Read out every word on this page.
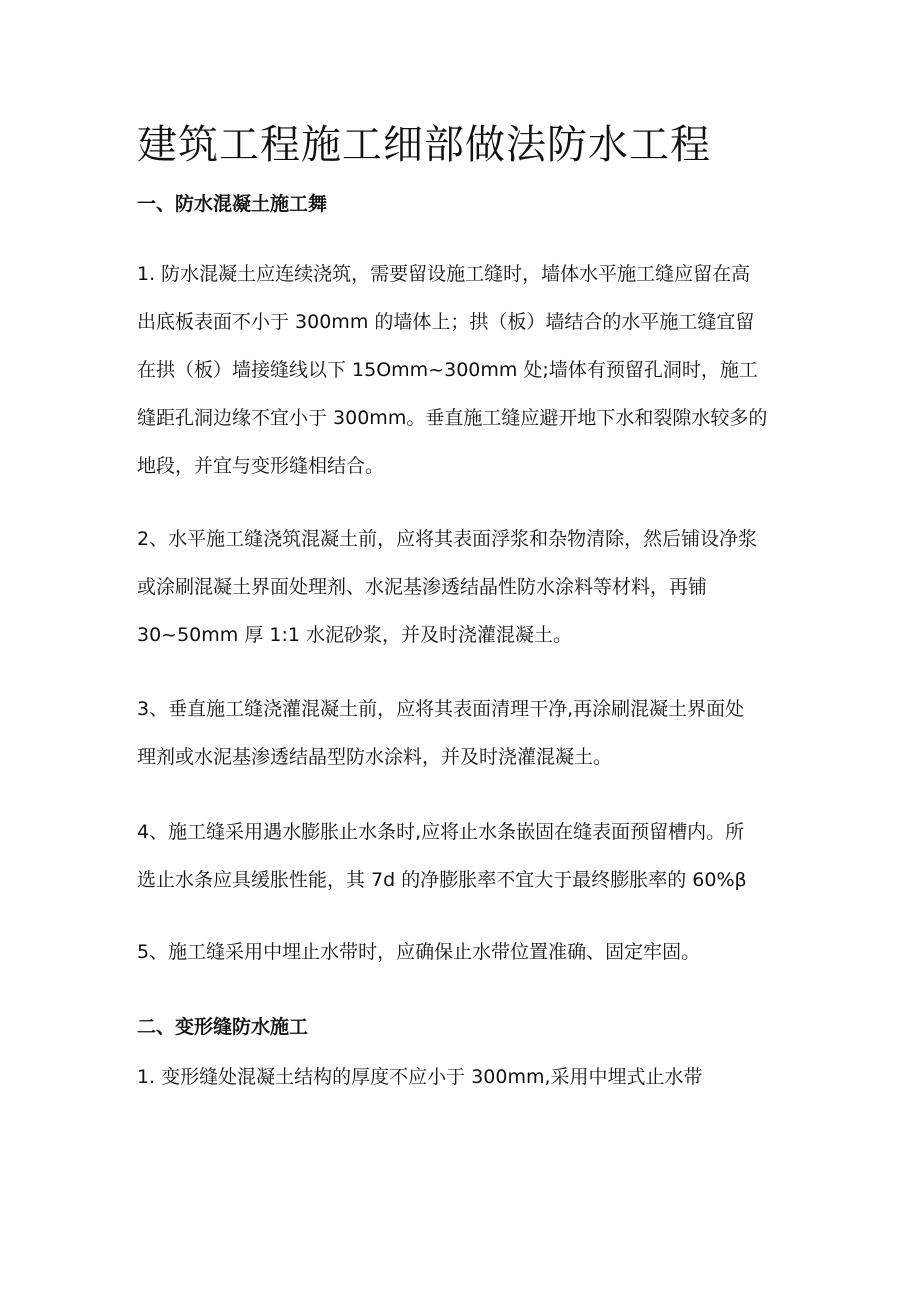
建筑工程施工细部做法防水工程
一、防水混凝土施工舞
1. 防水混凝土应连续浇筑，需要留设施工缝时，墙体水平施工缝应留在高
出底板表面不小于 300mm 的墙体上；拱（板）墙结合的水平施工缝宜留
在拱（板）墙接缝线以下 15Omm~300mm 处;墙体有预留孔洞时，施工
缝距孔洞边缘不宜小于 300mm。垂直施工缝应避开地下水和裂隙水较多的
地段，并宜与变形缝相结合。
2、水平施工缝浇筑混凝土前，应将其表面浮浆和杂物清除，然后铺设净浆
或涂刷混凝土界面处理剂、水泥基渗透结晶性防水涂料等材料，再铺
30~50mm 厚 1:1 水泥砂浆，并及时浇灌混凝土。
3、垂直施工缝浇灌混凝土前，应将其表面清理干净,再涂刷混凝土界面处
理剂或水泥基渗透结晶型防水涂料，并及时浇灌混凝土。
4、施工缝采用遇水膨胀止水条时,应将止水条嵌固在缝表面预留槽内。所
选止水条应具缓胀性能，其 7d 的净膨胀率不宜大于最终膨胀率的 60%β
5、施工缝采用中埋止水带时，应确保止水带位置准确、固定牢固。
二、变形缝防水施工
1. 变形缝处混凝土结构的厚度不应小于 300mm,采用中埋式止水带
